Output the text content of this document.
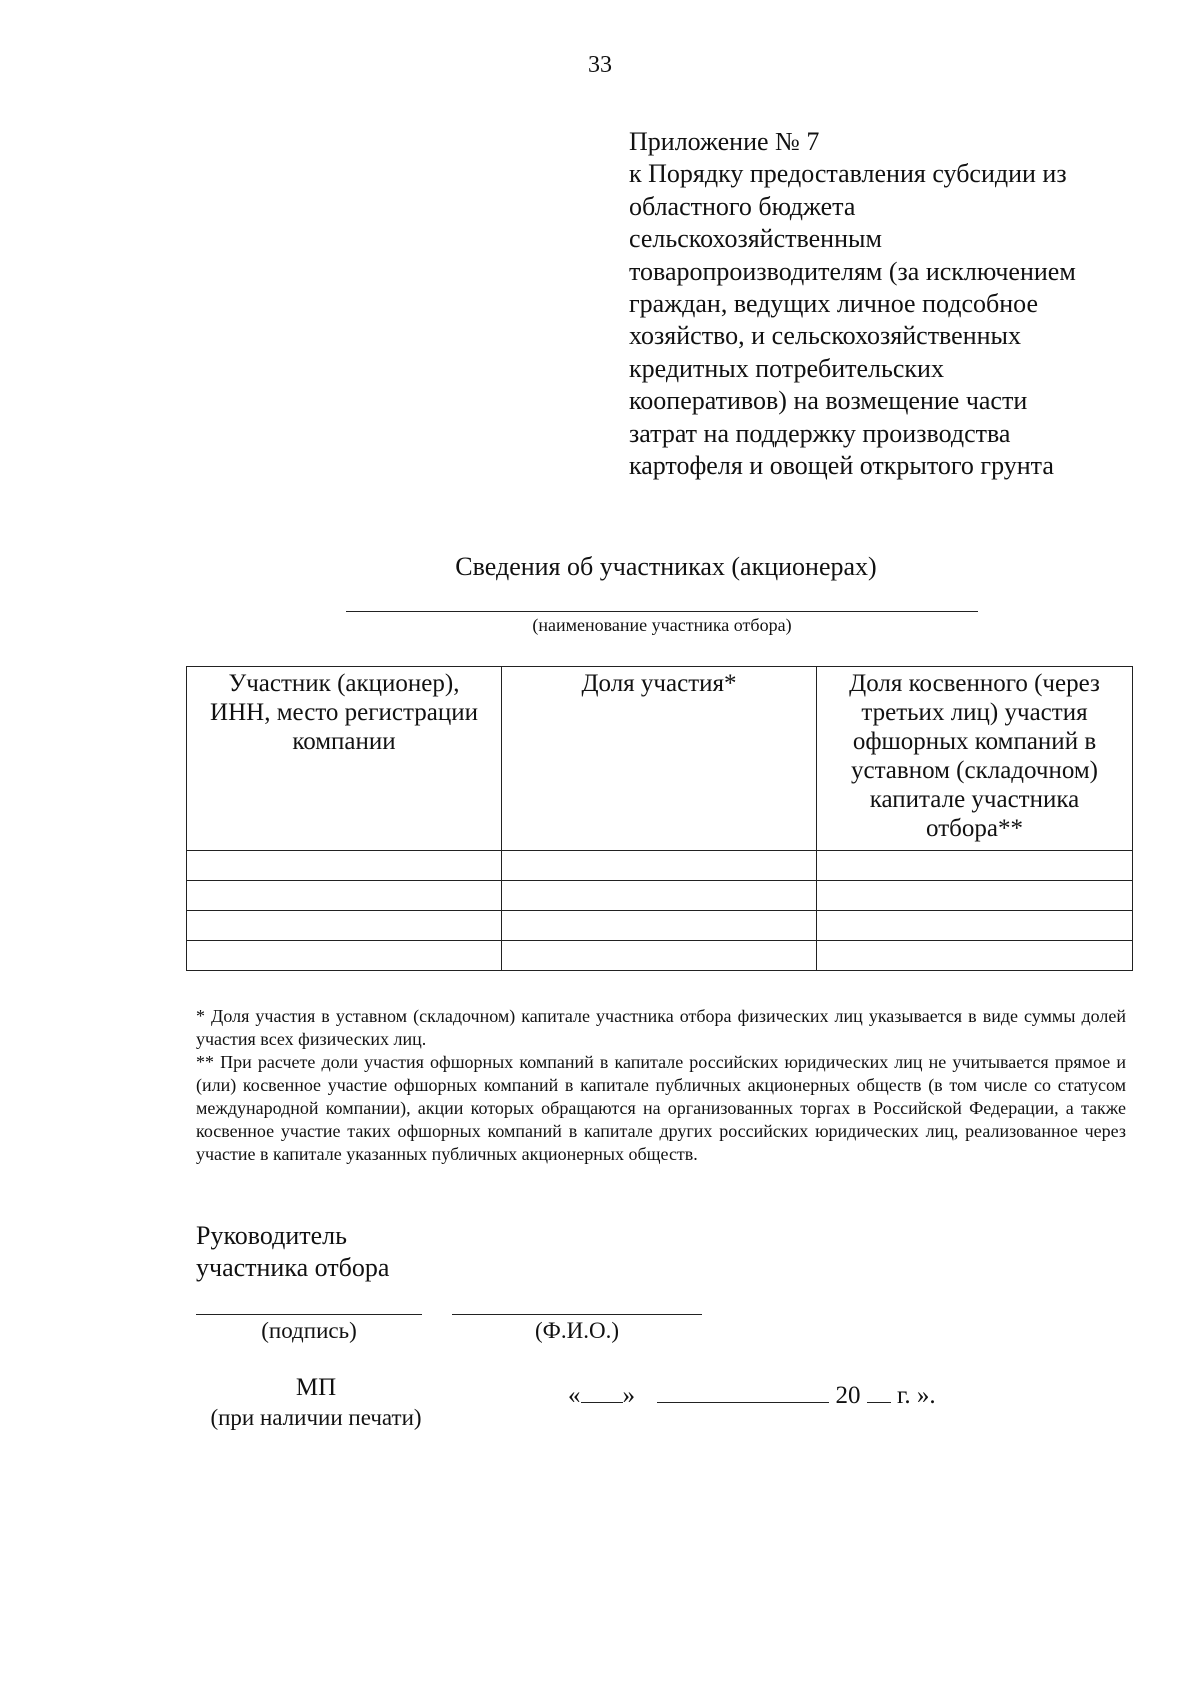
33
Приложение № 7
к Порядку предоставления субсидии из
областного бюджета
сельскохозяйственным
товаропроизводителям (за исключением
граждан, ведущих личное подсобное
хозяйство, и сельскохозяйственных
кредитных потребительских
кооперативов) на возмещение части
затрат на поддержку производства
картофеля и овощей открытого грунта
Сведения об участниках (акционерах)
(наименование участника отбора)
Участник (акционер), ИНН, место регистрации компании	Доля участия*	Доля косвенного (через третьих лиц) участия офшорных компаний в уставном (складочном) капитале участника отбора**

* Доля участия в уставном (складочном) капитале участника отбора физических лиц указывается в виде суммы долей участия всех физических лиц.

** При расчете доли участия офшорных компаний в капитале российских юридических лиц не учитывается прямое и (или) косвенное участие офшорных компаний в капитале публичных акционерных обществ (в том числе со статусом международной компании), акции которых обращаются на организованных торгах в Российской Федерации, а также косвенное участие таких офшорных компаний в капитале других российских юридических лиц, реализованное через участие в капитале указанных публичных акционерных обществ.

Руководитель
участника отбора
(подпись)	(Ф.И.О.)
МП
(при наличии печати)
« »	20 г. ».
